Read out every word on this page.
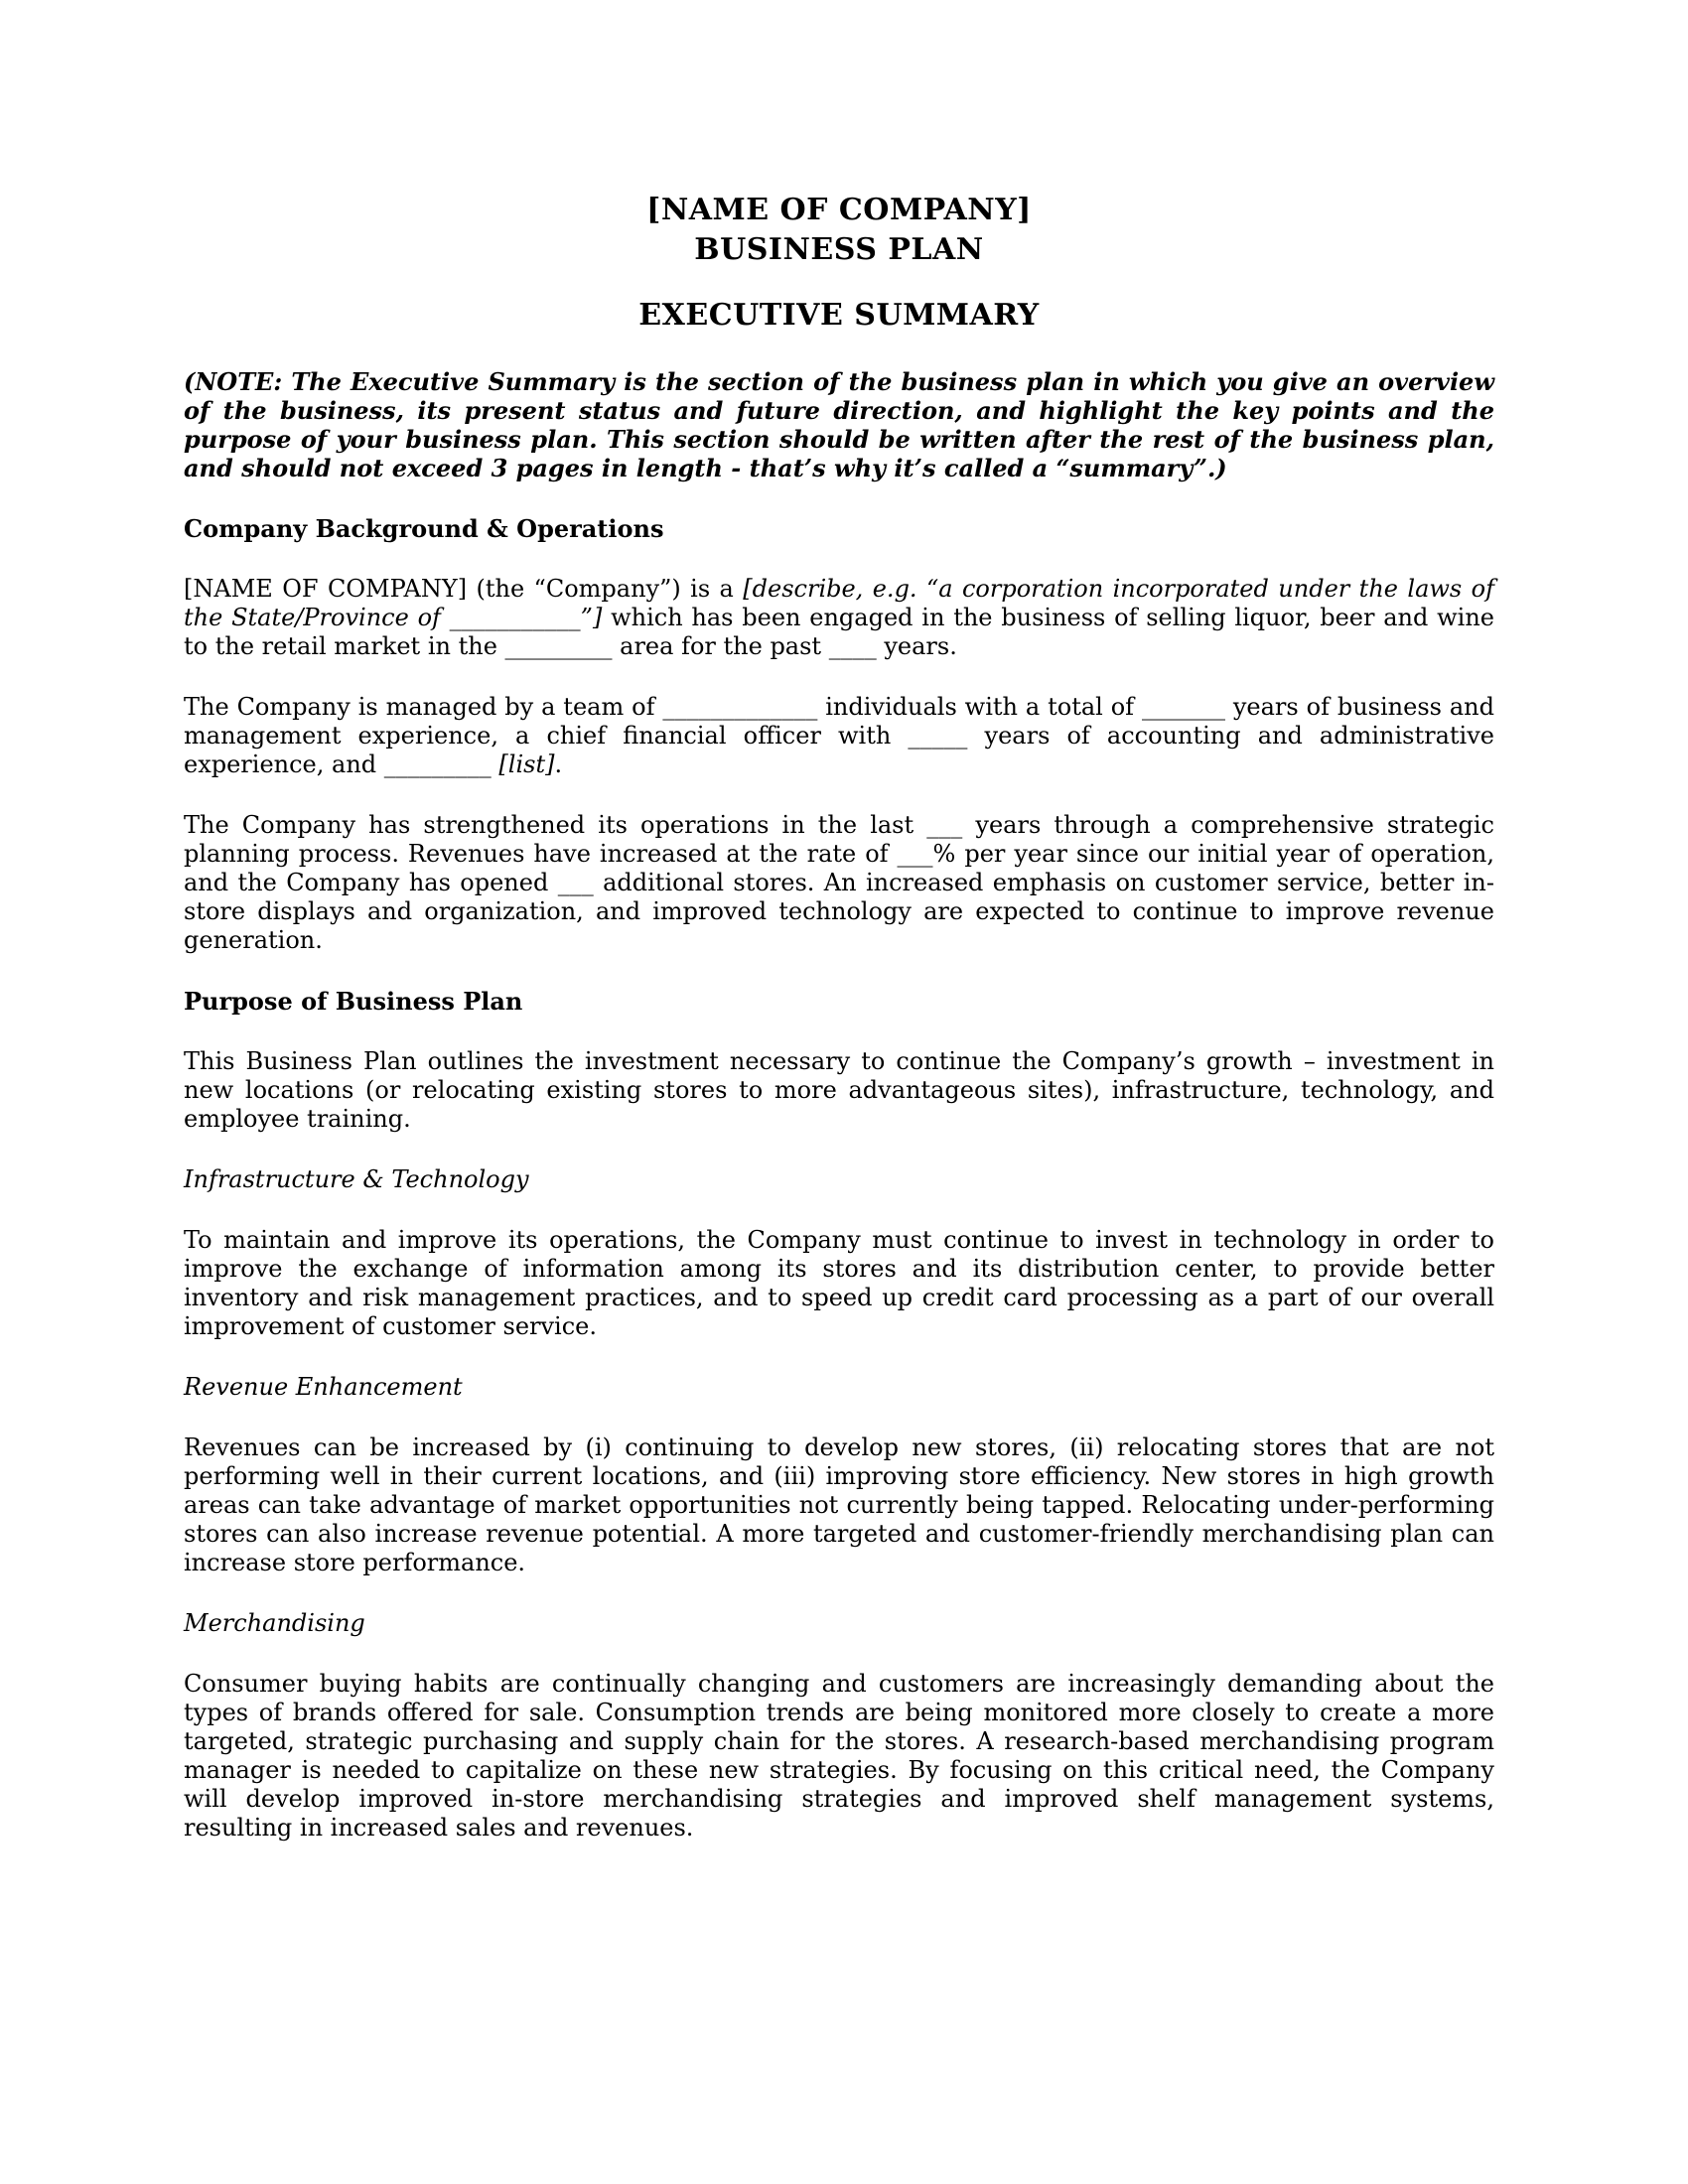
[NAME OF COMPANY]
BUSINESS PLAN
EXECUTIVE SUMMARY

(NOTE: The Executive Summary is the section of the business plan in which you give an overview of the business, its present status and future direction, and highlight the key points and the purpose of your business plan. This section should be written after the rest of the business plan, and should not exceed 3 pages in length - that’s why it’s called a “summary”.)

Company Background & Operations

[NAME OF COMPANY] (the “Company”) is a [describe, e.g. “a corporation incorporated under the laws of the State/Province of ___________”] which has been engaged in the business of selling liquor, beer and wine to the retail market in the _________ area for the past ____ years.

The Company is managed by a team of _____________ individuals with a total of _______ years of business and management experience, a chief financial officer with _____ years of accounting and administrative experience, and _________ [list].

The Company has strengthened its operations in the last ___ years through a comprehensive strategic planning process. Revenues have increased at the rate of ___% per year since our initial year of operation, and the Company has opened ___ additional stores. An increased emphasis on customer service, better in-store displays and organization, and improved technology are expected to continue to improve revenue generation.

Purpose of Business Plan

This Business Plan outlines the investment necessary to continue the Company’s growth – investment in new locations (or relocating existing stores to more advantageous sites), infrastructure, technology, and employee training.

Infrastructure & Technology

To maintain and improve its operations, the Company must continue to invest in technology in order to improve the exchange of information among its stores and its distribution center, to provide better inventory and risk management practices, and to speed up credit card processing as a part of our overall improvement of customer service.

Revenue Enhancement

Revenues can be increased by (i) continuing to develop new stores, (ii) relocating stores that are not performing well in their current locations, and (iii) improving store efficiency. New stores in high growth areas can take advantage of market opportunities not currently being tapped. Relocating under-performing stores can also increase revenue potential. A more targeted and customer-friendly merchandising plan can increase store performance.

Merchandising

Consumer buying habits are continually changing and customers are increasingly demanding about the types of brands offered for sale. Consumption trends are being monitored more closely to create a more targeted, strategic purchasing and supply chain for the stores. A research-based merchandising program manager is needed to capitalize on these new strategies. By focusing on this critical need, the Company will develop improved in-store merchandising strategies and improved shelf management systems, resulting in increased sales and revenues.
